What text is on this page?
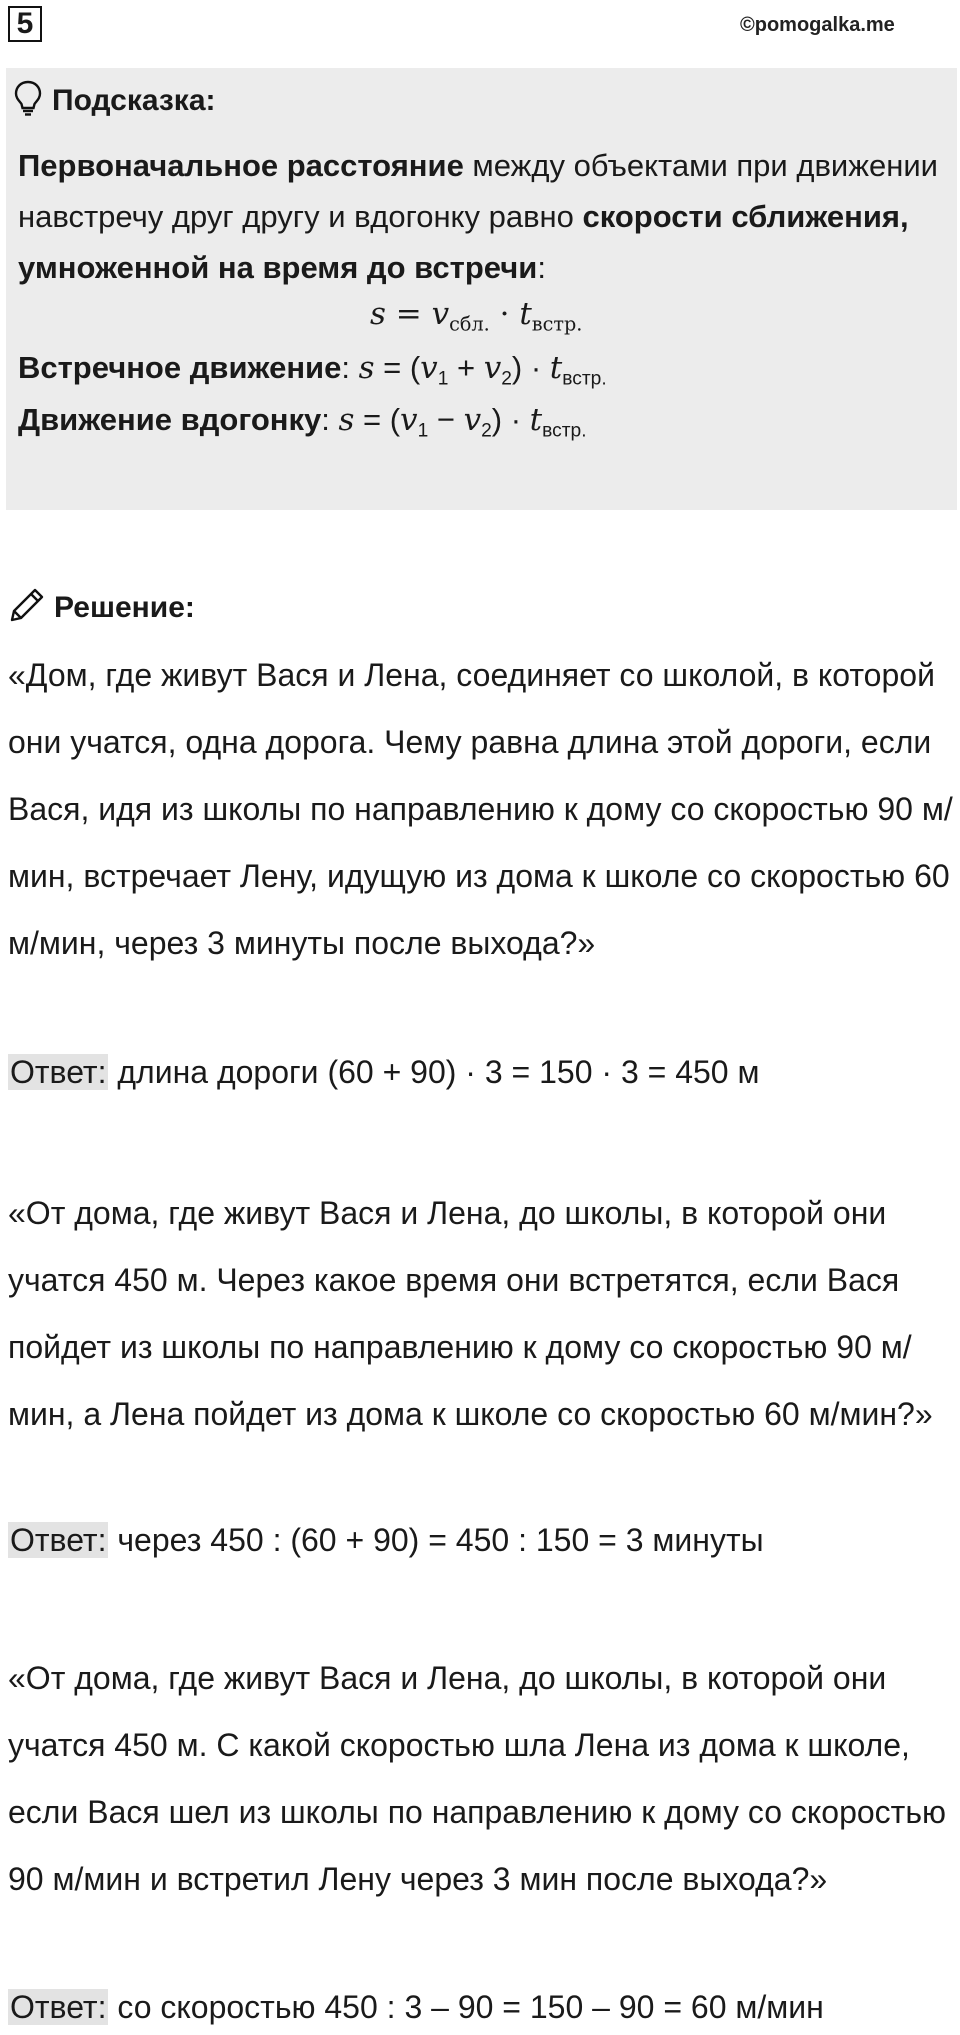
5	©pomogalka.me
Подсказка:
Первоначальное расстояние между объектами при движении навстречу друг другу и вдогонку равно скорости сближения, умноженной на время до встречи:
$s = v_{сбл.} \cdot t_{встр.}$
Встречное движение: $s = (v_1 + v_2) \cdot t_{встр.}$
Движение вдогонку: $s = (v_1 - v_2) \cdot t_{встр.}$
Решение:
«Дом, где живут Вася и Лена, соединяет со школой, в которой они учатся, одна дорога. Чему равна длина этой дороги, если Вася, идя из школы по направлению к дому со скоростью 90 м/мин, встречает Лену, идущую из дома к школе со скоростью 60 м/мин, через 3 минуты после выхода?»
Ответ: длина дороги (60 + 90) · 3 = 150 · 3 = 450 м
«От дома, где живут Вася и Лена, до школы, в которой они учатся 450 м. Через какое время они встретятся, если Вася пойдет из школы по направлению к дому со скоростью 90 м/мин, а Лена пойдет из дома к школе со скоростью 60 м/мин?»
Ответ: через 450 : (60 + 90) = 450 : 150 = 3 минуты
«От дома, где живут Вася и Лена, до школы, в которой они учатся 450 м. С какой скоростью шла Лена из дома к школе, если Вася шел из школы по направлению к дому со скоростью 90 м/мин и встретил Лену через 3 мин после выхода?»
Ответ: со скоростью 450 : 3 – 90 = 150 – 90 = 60 м/мин
